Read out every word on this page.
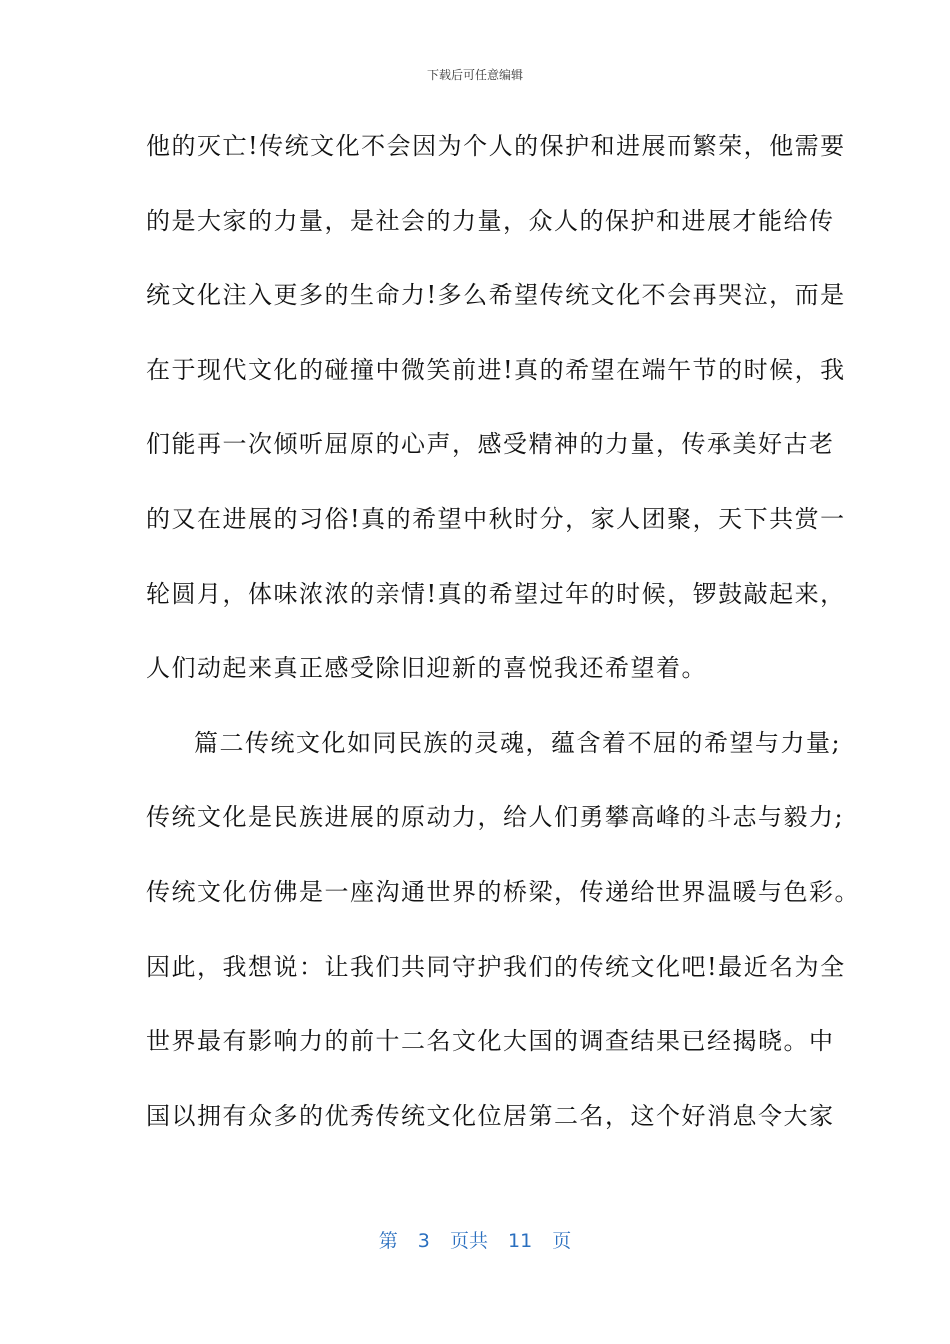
下载后可任意编辑
他的灭亡!传统文化不会因为个人的保护和进展而繁荣，他需要
的是大家的力量，是社会的力量，众人的保护和进展才能给传
统文化注入更多的生命力!多么希望传统文化不会再哭泣，而是
在于现代文化的碰撞中微笑前进!真的希望在端午节的时候，我
们能再一次倾听屈原的心声，感受精神的力量，传承美好古老
的又在进展的习俗!真的希望中秋时分，家人团聚，天下共赏一
轮圆月，体味浓浓的亲情!真的希望过年的时候，锣鼓敲起来，
人们动起来真正感受除旧迎新的喜悦我还希望着。
篇二传统文化如同民族的灵魂，蕴含着不屈的希望与力量;
传统文化是民族进展的原动力，给人们勇攀高峰的斗志与毅力;
传统文化仿佛是一座沟通世界的桥梁，传递给世界温暖与色彩。
因此，我想说：让我们共同守护我们的传统文化吧!最近名为全
世界最有影响力的前十二名文化大国的调查结果已经揭晓。中
国以拥有众多的优秀传统文化位居第二名，这个好消息令大家
第 3 页共 11 页
